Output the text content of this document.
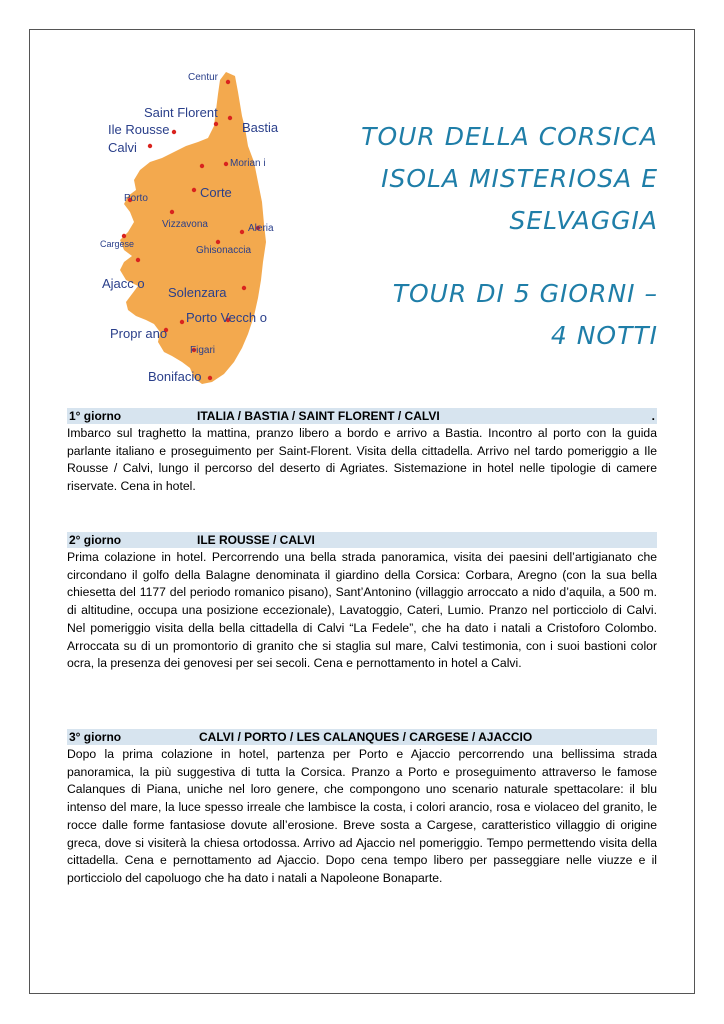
Centur
Saint Florent
Ile Rousse	Bastia
Calvi
Morian i
Corte
Porto
Vizzavona	Aleria
Cargese
Ghisonaccia
Ajacc o
Solenzara
Porto Vecch o
Propr ano
Figari
Bonifacio
TOUR DELLA CORSICA
ISOLA MISTERIOSA E
SELVAGGIA
TOUR DI 5 GIORNI –
4 NOTTI
1° giorno	ITALIA / BASTIA / SAINT FLORENT / CALVI	.
Imbarco sul traghetto la mattina, pranzo libero a bordo e arrivo a Bastia. Incontro al porto con la guida parlante italiano e proseguimento per Saint-Florent. Visita della cittadella. Arrivo nel tardo pomeriggio a Ile Rousse / Calvi, lungo il percorso del deserto di Agriates. Sistemazione in hotel nelle tipologie di camere riservate. Cena in hotel.
2° giorno	ILE ROUSSE / CALVI
Prima colazione in hotel. Percorrendo una bella strada panoramica, visita dei paesini dell’artigianato che circondano il golfo della Balagne denominata il giardino della Corsica: Corbara, Aregno (con la sua bella chiesetta del 1177 del periodo romanico pisano), Sant’Antonino (villaggio arroccato a nido d’aquila, a 500 m. di altitudine, occupa una posizione eccezionale), Lavatoggio, Cateri, Lumio. Pranzo nel porticciolo di Calvi. Nel pomeriggio visita della bella cittadella di Calvi “La Fedele”, che ha dato i natali a Cristoforo Colombo. Arroccata su di un promontorio di granito che si staglia sul mare, Calvi testimonia, con i suoi bastioni color ocra, la presenza dei genovesi per sei secoli. Cena e pernottamento in hotel a Calvi.
3° giorno	CALVI / PORTO / LES CALANQUES / CARGESE / AJACCIO
Dopo la prima colazione in hotel, partenza per Porto e Ajaccio percorrendo una bellissima strada panoramica, la più suggestiva di tutta la Corsica. Pranzo a Porto e proseguimento attraverso le famose Calanques di Piana, uniche nel loro genere, che compongono uno scenario naturale spettacolare: il blu intenso del mare, la luce spesso irreale che lambisce la costa, i colori arancio, rosa e violaceo del granito, le rocce dalle forme fantasiose dovute all’erosione. Breve sosta a Cargese, caratteristico villaggio di origine greca, dove si visiterà la chiesa ortodossa. Arrivo ad Ajaccio nel pomeriggio. Tempo permettendo visita della cittadella. Cena e pernottamento ad Ajaccio. Dopo cena tempo libero per passeggiare nelle viuzze e il porticciolo del capoluogo che ha dato i natali a Napoleone Bonaparte.
